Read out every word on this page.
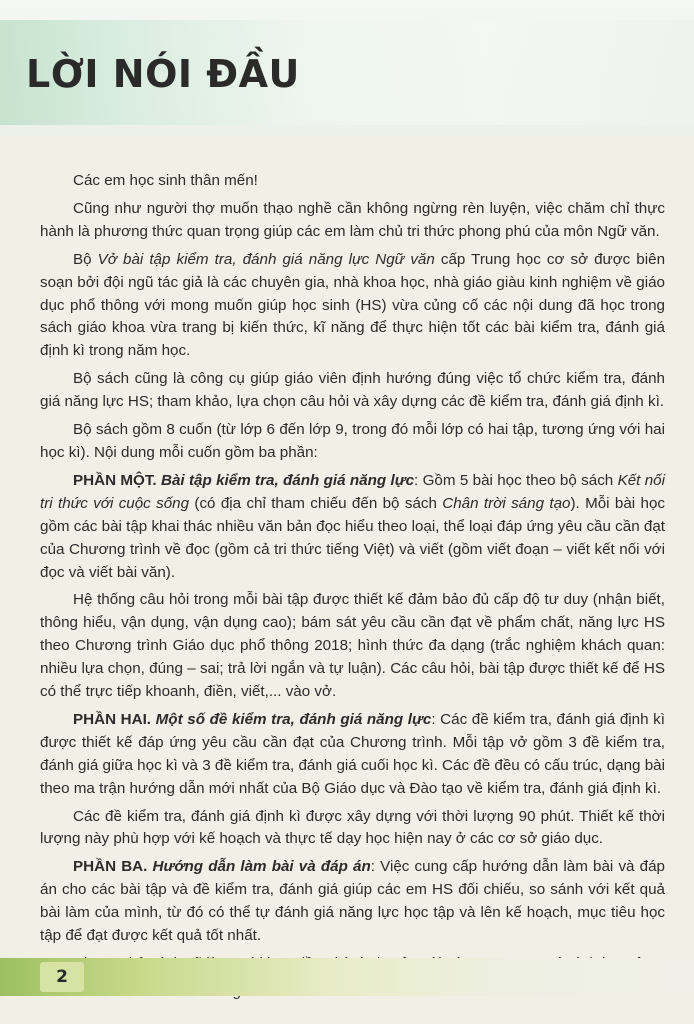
LỜI NÓI ĐẦU

Các em học sinh thân mến!

Cũng như người thợ muốn thạo nghề cần không ngừng rèn luyện, việc chăm chỉ thực hành là phương thức quan trọng giúp các em làm chủ tri thức phong phú của môn Ngữ văn.

Bộ Vở bài tập kiểm tra, đánh giá năng lực Ngữ văn cấp Trung học cơ sở được biên soạn bởi đội ngũ tác giả là các chuyên gia, nhà khoa học, nhà giáo giàu kinh nghiệm về giáo dục phổ thông với mong muốn giúp học sinh (HS) vừa củng cố các nội dung đã học trong sách giáo khoa vừa trang bị kiến thức, kĩ năng để thực hiện tốt các bài kiểm tra, đánh giá định kì trong năm học.

Bộ sách cũng là công cụ giúp giáo viên định hướng đúng việc tổ chức kiểm tra, đánh giá năng lực HS; tham khảo, lựa chọn câu hỏi và xây dựng các đề kiểm tra, đánh giá định kì.

Bộ sách gồm 8 cuốn (từ lớp 6 đến lớp 9, trong đó mỗi lớp có hai tập, tương ứng với hai học kì). Nội dung mỗi cuốn gồm ba phần:

PHẦN MỘT. Bài tập kiểm tra, đánh giá năng lực: Gồm 5 bài học theo bộ sách Kết nối tri thức với cuộc sống (có địa chỉ tham chiếu đến bộ sách Chân trời sáng tạo). Mỗi bài học gồm các bài tập khai thác nhiều văn bản đọc hiểu theo loại, thể loại đáp ứng yêu cầu cần đạt của Chương trình về đọc (gồm cả tri thức tiếng Việt) và viết (gồm viết đoạn – viết kết nối với đọc và viết bài văn).

Hệ thống câu hỏi trong mỗi bài tập được thiết kế đảm bảo đủ cấp độ tư duy (nhận biết, thông hiểu, vận dụng, vận dụng cao); bám sát yêu cầu cần đạt về phẩm chất, năng lực HS theo Chương trình Giáo dục phổ thông 2018; hình thức đa dạng (trắc nghiệm khách quan: nhiều lựa chọn, đúng – sai; trả lời ngắn và tự luận). Các câu hỏi, bài tập được thiết kế để HS có thể trực tiếp khoanh, điền, viết,... vào vở.

PHẦN HAI. Một số đề kiểm tra, đánh giá năng lực: Các đề kiểm tra, đánh giá định kì được thiết kế đáp ứng yêu cầu cần đạt của Chương trình. Mỗi tập vở gồm 3 đề kiểm tra, đánh giá giữa học kì và 3 đề kiểm tra, đánh giá cuối học kì. Các đề đều có cấu trúc, dạng bài theo ma trận hướng dẫn mới nhất của Bộ Giáo dục và Đào tạo về kiểm tra, đánh giá định kì.

Các đề kiểm tra, đánh giá định kì được xây dựng với thời lượng 90 phút. Thiết kế thời lượng này phù hợp với kế hoạch và thực tế dạy học hiện nay ở các cơ sở giáo dục.

PHẦN BA. Hướng dẫn làm bài và đáp án: Việc cung cấp hướng dẫn làm bài và đáp án cho các bài tập và đề kiểm tra, đánh giá giúp các em HS đối chiếu, so sánh với kết quả bài làm của mình, từ đó có thể tự đánh giá năng lực học tập và lên kế hoạch, mục tiêu học tập để đạt được kết quả tốt nhất.

2
